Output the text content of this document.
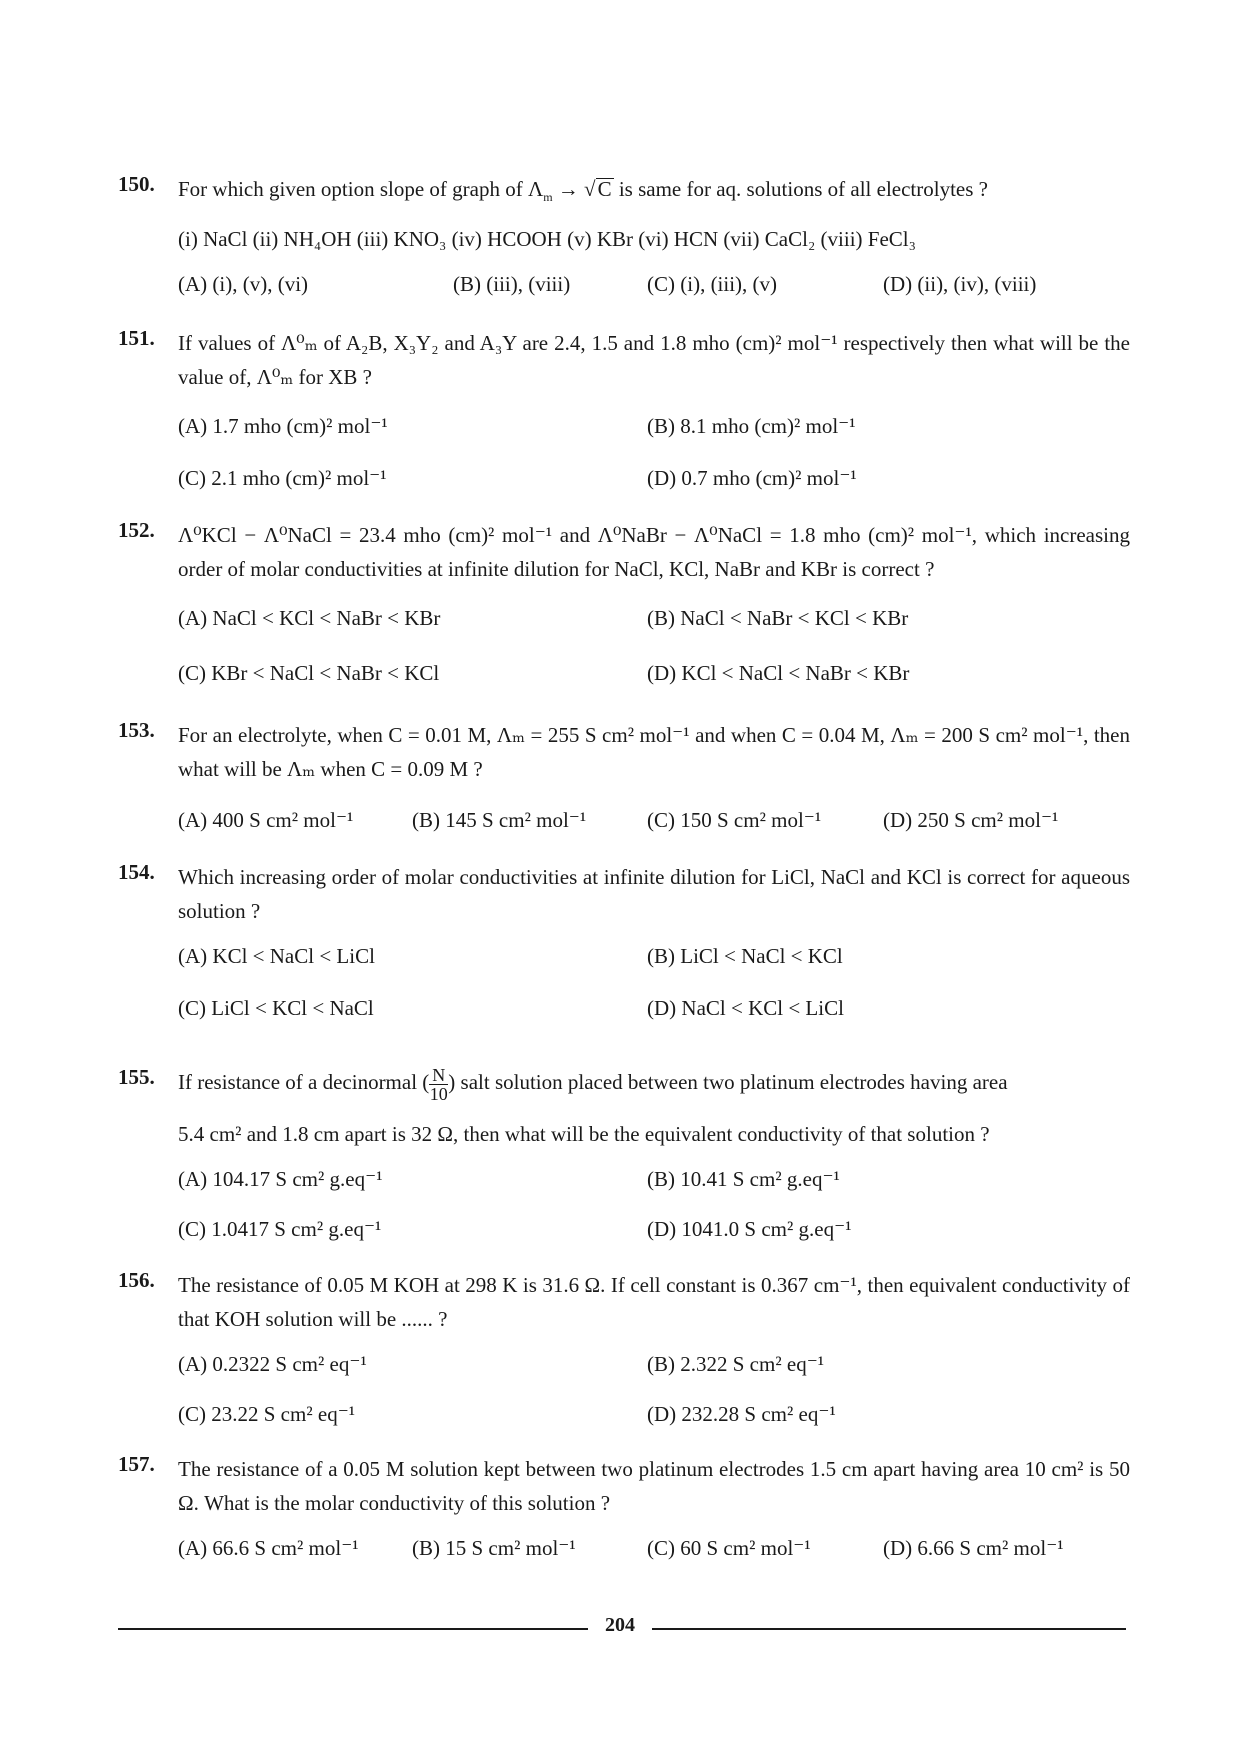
150. For which given option slope of graph of $\Lambda_m \to √C$ is same for aq. solutions of all electrolytes ?
(i) NaCl (ii) NH₄OH (iii) KNO₃ (iv) HCOOH (v) KBr (vi) HCN (vii) CaCl₂ (viii) FeCl₃
(A) (i), (v), (vi)	(B) (iii), (viii)	(C) (i), (iii), (v)	(D) (ii), (iv), (viii)
151. If values of Λ⁰ₘ of A₂B, X₃Y₂ and A₃Y are 2.4, 1.5 and 1.8 mho (cm)² mol⁻¹ respectively then what will be the value of, Λ⁰ₘ for XB ?
(A) 1.7 mho (cm)² mol⁻¹	(B) 8.1 mho (cm)² mol⁻¹
(C) 2.1 mho (cm)² mol⁻¹	(D) 0.7 mho (cm)² mol⁻¹
152. Λ⁰KCl − Λ⁰NaCl = 23.4 mho (cm)² mol⁻¹ and Λ⁰NaBr − Λ⁰NaCl = 1.8 mho (cm)² mol⁻¹, which increasing order of molar conductivities at infinite dilution for NaCl, KCl, NaBr and KBr is correct ?
(A) NaCl < KCl < NaBr < KBr	(B) NaCl < NaBr < KCl < KBr
(C) KBr < NaCl < NaBr < KCl	(D) KCl < NaCl < NaBr < KBr
153. For an electrolyte, when C = 0.01 M, Λₘ = 255 S cm² mol⁻¹ and when C = 0.04 M, Λₘ = 200 S cm² mol⁻¹, then what will be Λₘ when C = 0.09 M ?
(A) 400 S cm² mol⁻¹	(B) 145 S cm² mol⁻¹	(C) 150 S cm² mol⁻¹	(D) 250 S cm² mol⁻¹
154. Which increasing order of molar conductivities at infinite dilution for LiCl, NaCl and KCl is correct for aqueous solution ?
(A) KCl < NaCl < LiCl	(B) LiCl < NaCl < KCl
(C) LiCl < KCl < NaCl	(D) NaCl < KCl < LiCl
155. If resistance of a decinormal ( $\frac{N}{10}$ ) salt solution placed between two platinum electrodes having area
5.4 cm² and 1.8 cm apart is 32 Ω, then what will be the equivalent conductivity of that solution ?
(A) 104.17 S cm² g.eq⁻¹	(B) 10.41 S cm² g.eq⁻¹
(C) 1.0417 S cm² g.eq⁻¹	(D) 1041.0 S cm² g.eq⁻¹
156. The resistance of 0.05 M KOH at 298 K is 31.6 Ω. If cell constant is 0.367 cm⁻¹, then equivalent conductivity of that KOH solution will be ...... ?
(A) 0.2322 S cm² eq⁻¹	(B) 2.322 S cm² eq⁻¹
(C) 23.22 S cm² eq⁻¹	(D) 232.28 S cm² eq⁻¹
157. The resistance of a 0.05 M solution kept between two platinum electrodes 1.5 cm apart having area 10 cm² is 50 Ω. What is the molar conductivity of this solution ?
(A) 66.6 S cm² mol⁻¹	(B) 15 S cm² mol⁻¹	(C) 60 S cm² mol⁻¹	(D) 6.66 S cm² mol⁻¹
204
